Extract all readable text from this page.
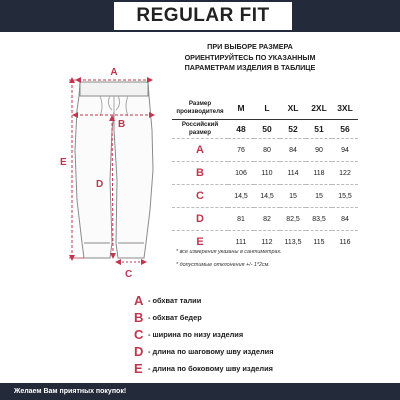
REGULAR FIT
ПРИ ВЫБОРЕ РАЗМЕРА
ОРИЕНТИРУЙТЕСЬ ПО УКАЗАННЫМ
ПАРАМЕТРАМ ИЗДЕЛИЯ В ТАБЛИЦЕ
A
B
C
D
E
Размер производителя	M	L	XL	2XL	3XL
Российский размер	48	50	52	51	56
A	76	80	84	90	94
B	106	110	114	118	122
C	14,5	14,5	15	15	15,5
D	81	82	82,5	83,5	84
E	111	112	113,5	115	116
* все измерения указаны в сантиметрах.
* допустимые отклонения +/- 1*2см.
A - обхват талии
B - обхват бедер
C - ширина по низу изделия
D - длина по шаговому шву изделия
E - длина по боковому шву изделия
Желаем Вам приятных покупок!
